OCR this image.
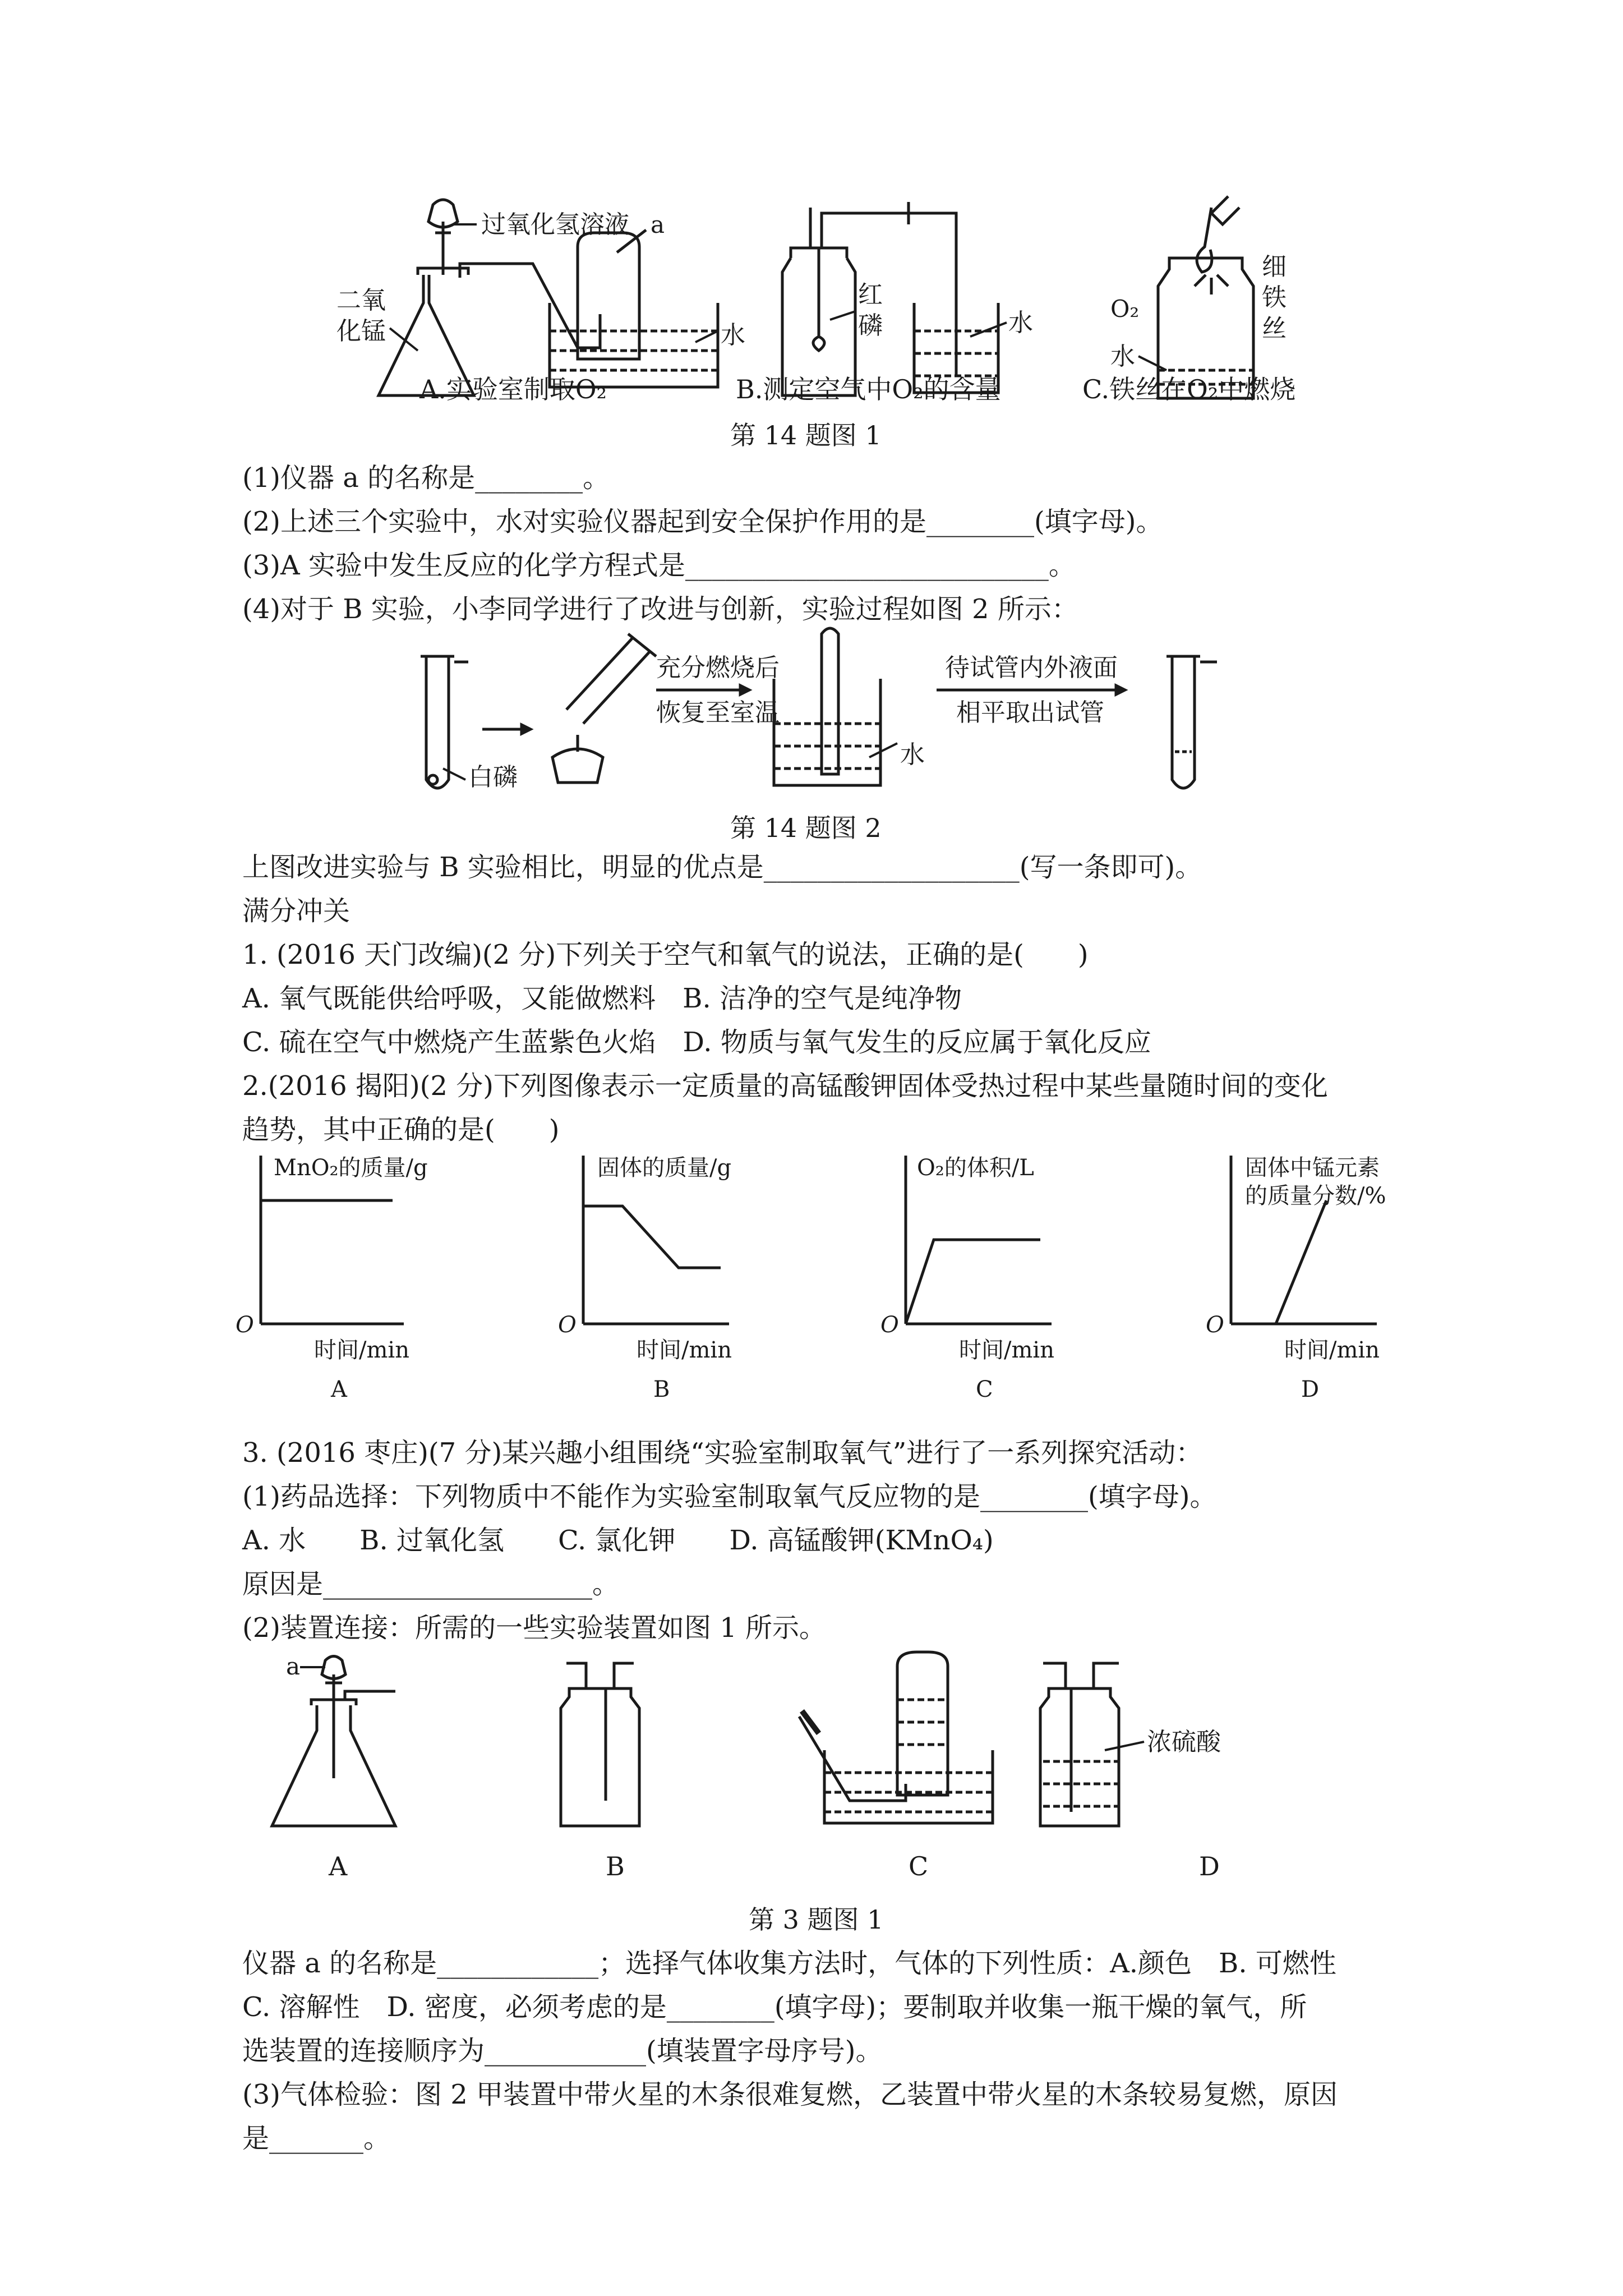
过氧化氢溶液 a
二氧
化锰	水
红
磷	水	O₂
水
细
铁
丝
A.实验室制取O₂	B.测定空气中O₂的含量	C.铁丝在O₂中燃烧
第 14 题图 1
(1)仪器 a 的名称是________。
(2)上述三个实验中，水对实验仪器起到安全保护作用的是________(填字母)。
(3)A 实验中发生反应的化学方程式是___________________________。
(4)对于 B 实验，小李同学进行了改进与创新，实验过程如图 2 所示：
白磷
充分燃烧后
恢复至室温
水
待试管内外液面
相平取出试管
第 14 题图 2
上图改进实验与 B 实验相比，明显的优点是___________________(写一条即可)。
满分冲关
1. (2016 天门改编)(2 分)下列关于空气和氧气的说法，正确的是(　　)
A. 氧气既能供给呼吸，又能做燃料　B. 洁净的空气是纯净物
C. 硫在空气中燃烧产生蓝紫色火焰　D. 物质与氧气发生的反应属于氧化反应
2.(2016 揭阳)(2 分)下列图像表示一定质量的高锰酸钾固体受热过程中某些量随时间的变化
趋势，其中正确的是(　　)
MnO₂的质量/g
O
时间/min
A
固体的质量/g
O
时间/min
B
O₂的体积/L
O
时间/min
C
固体中锰元素
的质量分数/%
O
时间/min
D
3. (2016 枣庄)(7 分)某兴趣小组围绕“实验室制取氧气”进行了一系列探究活动：
(1)药品选择：下列物质中不能作为实验室制取氧气反应物的是________(填字母)。
A. 水　　B. 过氧化氢　　C. 氯化钾　　D. 高锰酸钾(KMnO₄)
原因是____________________。
(2)装置连接：所需的一些实验装置如图 1 所示。
a
浓硫酸
A	B	C	D
第 3 题图 1
仪器 a 的名称是____________；选择气体收集方法时，气体的下列性质：A.颜色　B. 可燃性
C. 溶解性　D. 密度，必须考虑的是________(填字母)；要制取并收集一瓶干燥的氧气，所
选装置的连接顺序为____________(填装置字母序号)。
(3)气体检验：图 2 甲装置中带火星的木条很难复燃，乙装置中带火星的木条较易复燃，原因
是_______。
